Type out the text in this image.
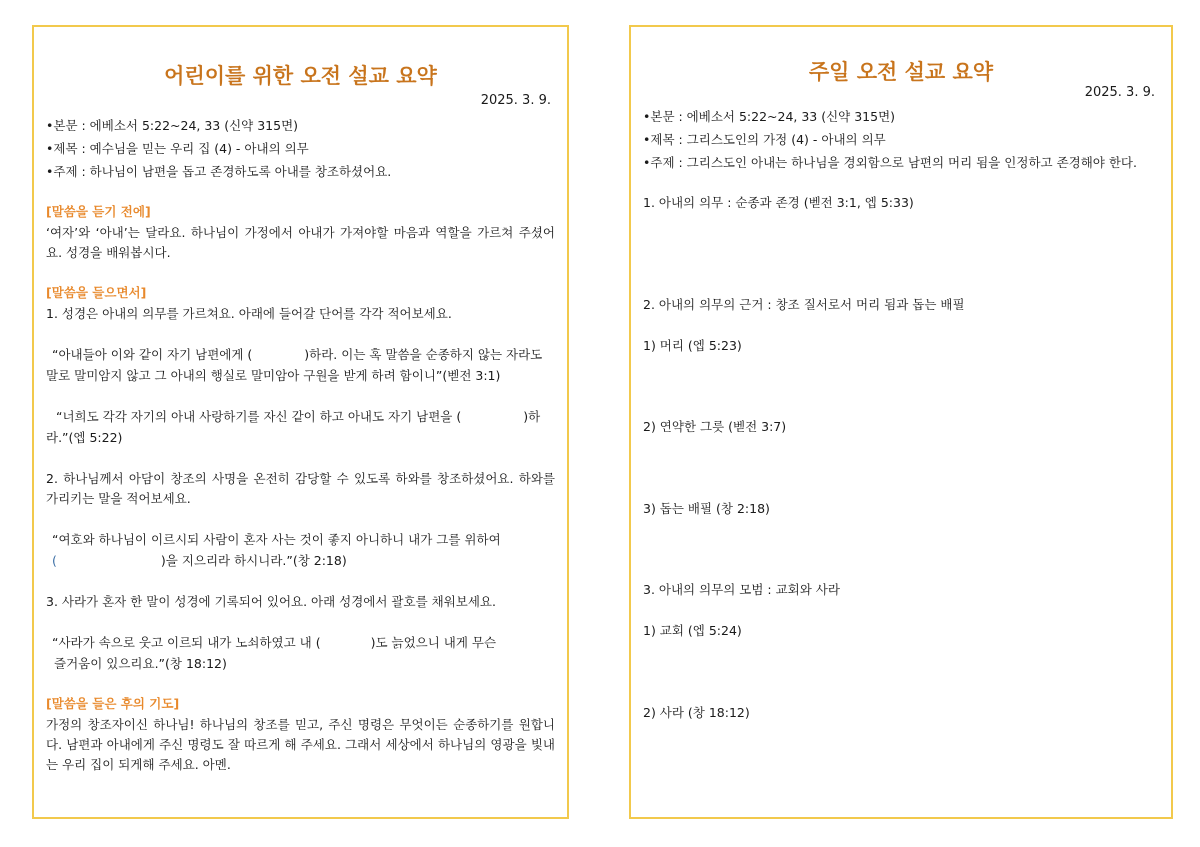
어린이를 위한 오전 설교 요약
2025. 3. 9.
•본문 : 에베소서 5:22~24, 33 (신약 315면)
•제목 : 예수님을 믿는 우리 집 (4) - 아내의 의무
•주제 : 하나님이 남편을 돕고 존경하도록 아내를 창조하셨어요.
[말씀을 듣기 전에]
‘여자’와 ‘아내’는 달라요. 하나님이 가정에서 아내가 가져야할 마음과 역할을 가르쳐 주셨어요. 성경을 배워봅시다.
[말씀을 들으면서]
1. 성경은 아내의 의무를 가르쳐요. 아래에 들어갈 단어를 각각 적어보세요.
“아내들아 이와 같이 자기 남편에게 (	)하라. 이는 혹 말씀을 순종하지 않는 자라도
말로 말미암지 않고 그 아내의 행실로 말미암아 구원을 받게 하려 함이니”(벧전 3:1)
“너희도 각각 자기의 아내 사랑하기를 자신 같이 하고 아내도 자기 남편을 (	)하
라.”(엡 5:22)
2. 하나님께서 아담이 창조의 사명을 온전히 감당할 수 있도록 하와를 창조하셨어요. 하와를 가리키는 말을 적어보세요.
“여호와 하나님이 이르시되 사람이 혼자 사는 것이 좋지 아니하니 내가 그를 위하여
(	)을 지으리라 하시니라.”(창 2:18)
3. 사라가 혼자 한 말이 성경에 기록되어 있어요. 아래 성경에서 괄호를 채워보세요.
“사라가 속으로 웃고 이르되 내가 노쇠하였고 내 (	)도 늙었으니 내게 무슨
즐거움이 있으리요.”(창 18:12)
[말씀을 들은 후의 기도]
가정의 창조자이신 하나님! 하나님의 창조를 믿고, 주신 명령은 무엇이든 순종하기를 원합니다. 남편과 아내에게 주신 명령도 잘 따르게 해 주세요. 그래서 세상에서 하나님의 영광을 빛내는 우리 집이 되게해 주세요. 아멘.
주일 오전 설교 요약
2025. 3. 9.
•본문 : 에베소서 5:22~24, 33 (신약 315면)
•제목 : 그리스도인의 가정 (4) - 아내의 의무
•주제 : 그리스도인 아내는 하나님을 경외함으로 남편의 머리 됨을 인정하고 존경해야 한다.
1. 아내의 의무 : 순종과 존경 (벧전 3:1, 엡 5:33)
2. 아내의 의무의 근거 : 창조 질서로서 머리 됨과 돕는 배필
1) 머리 (엡 5:23)
2) 연약한 그릇 (벧전 3:7)
3) 돕는 배필 (창 2:18)
3. 아내의 의무의 모범 : 교회와 사라
1) 교회 (엡 5:24)
2) 사라 (창 18:12)
